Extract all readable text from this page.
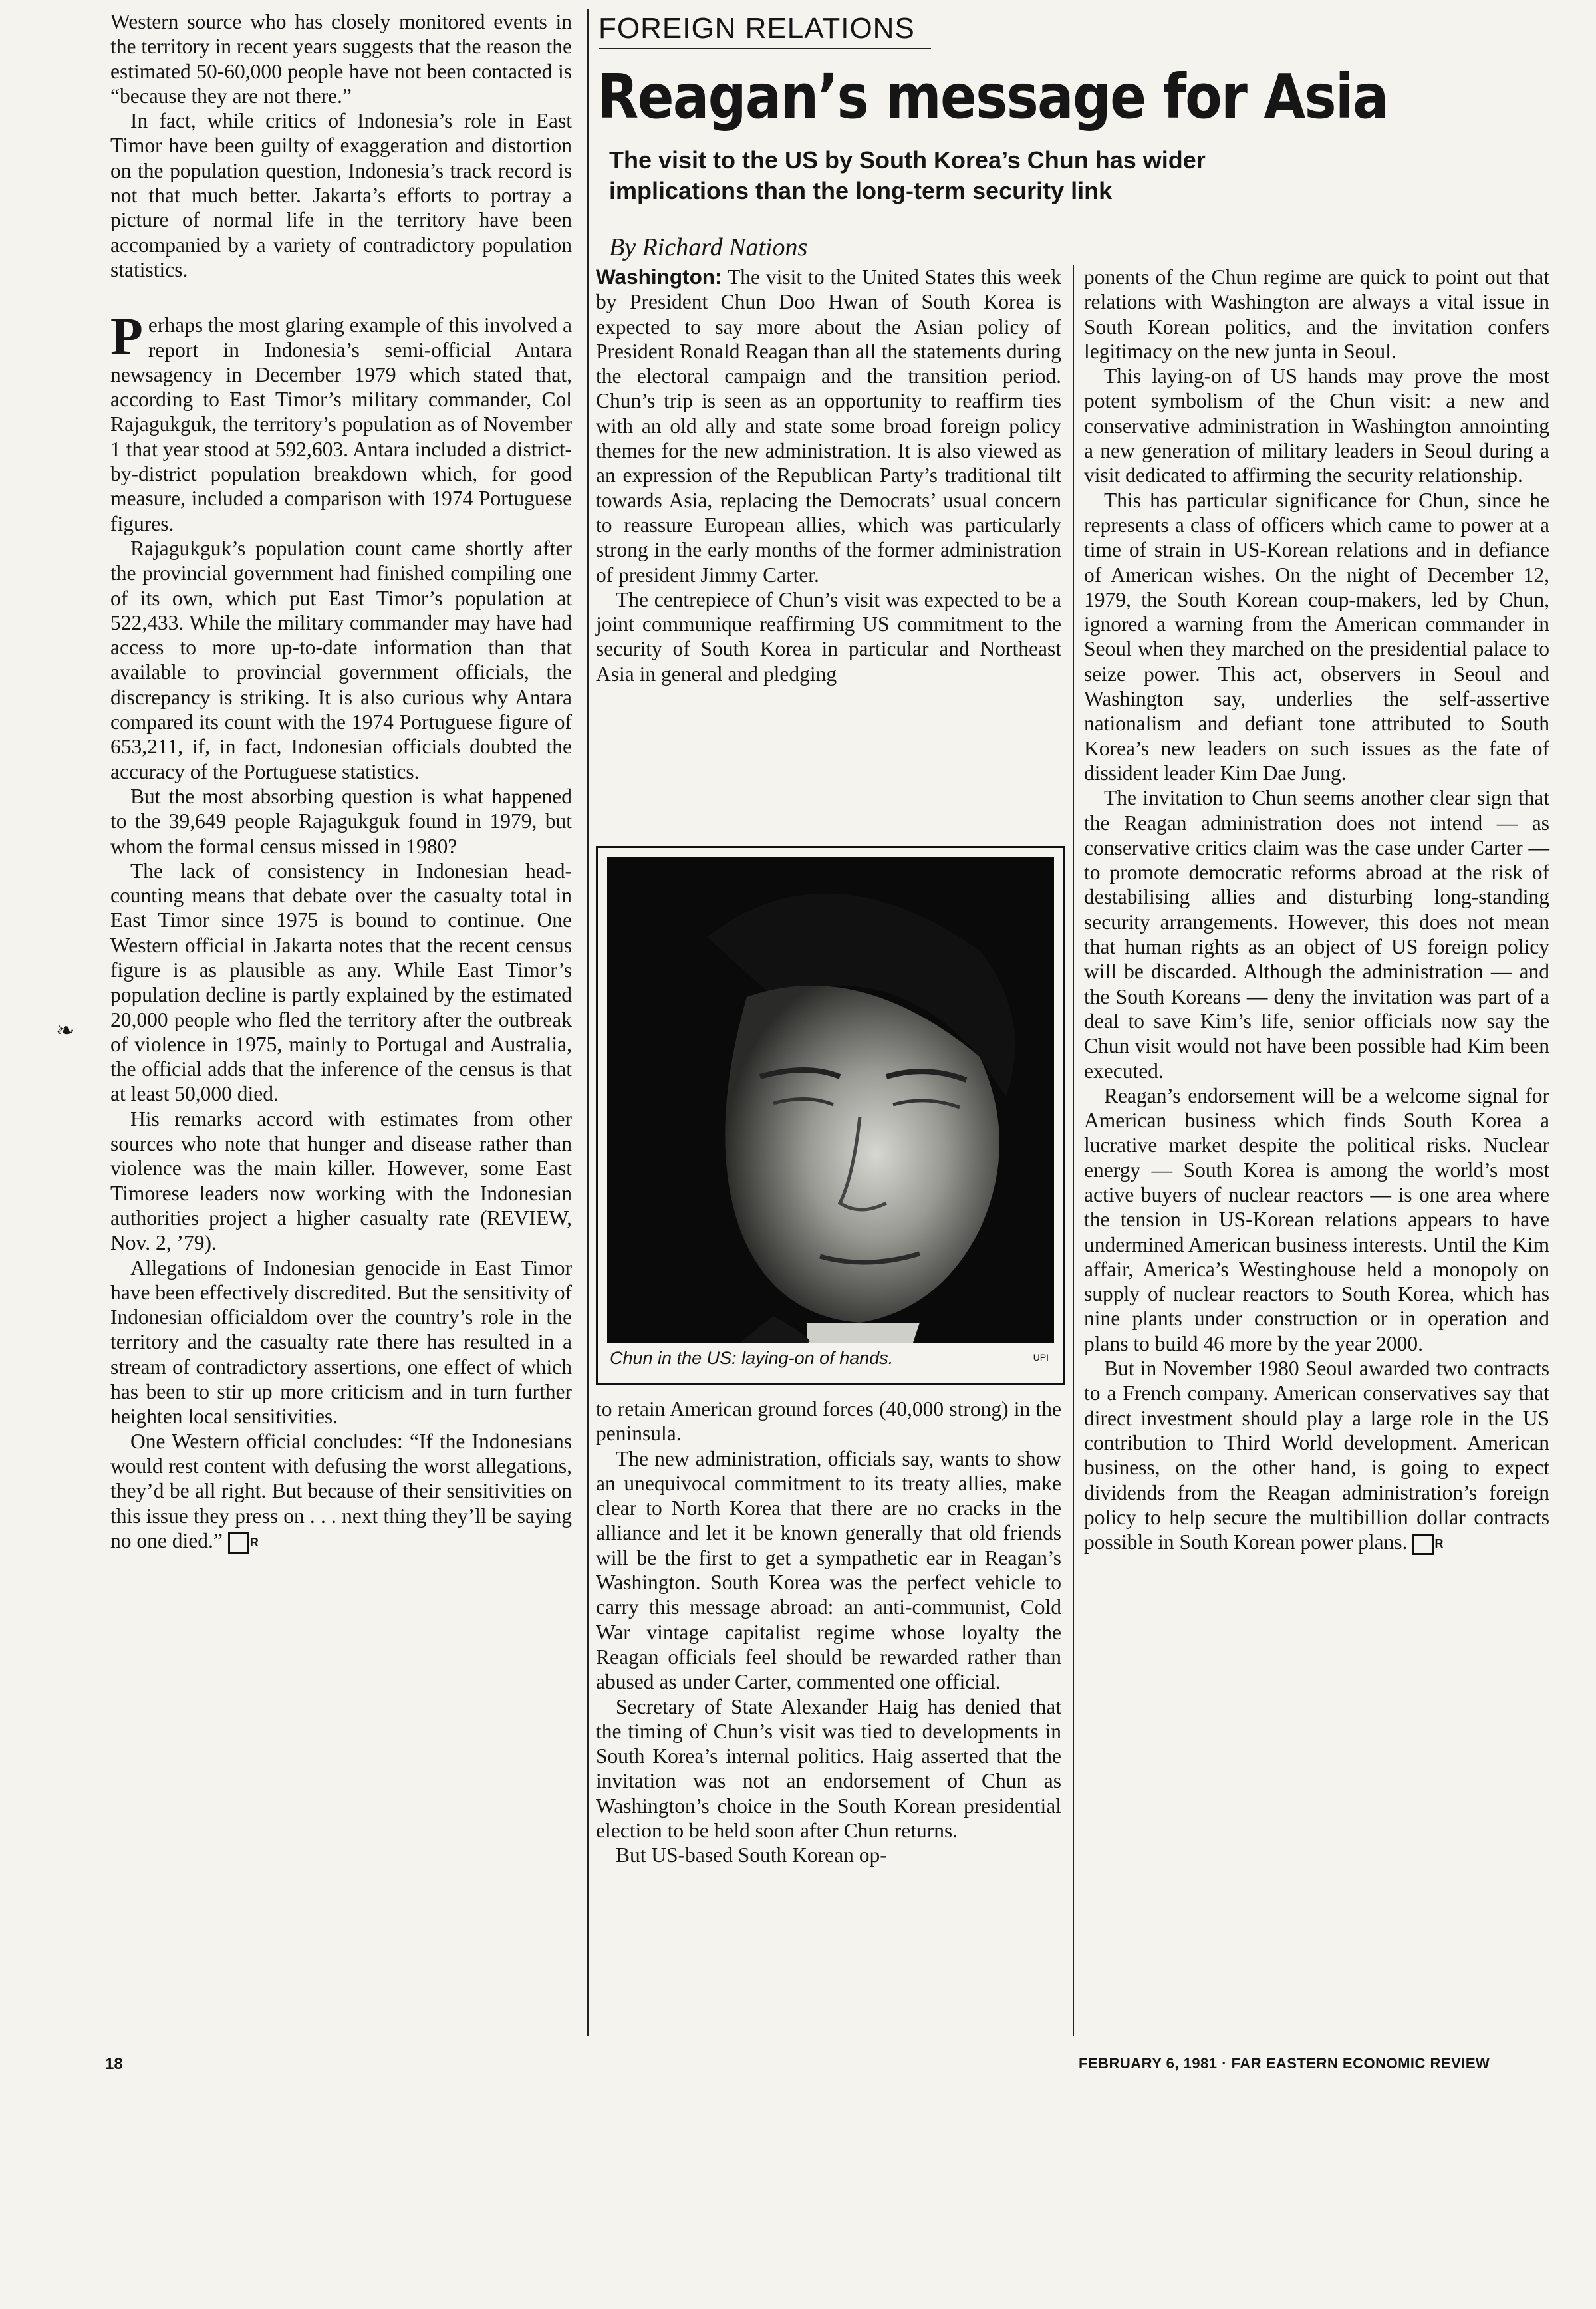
Western source who has closely monitored events in the territory in recent years suggests that the reason the estimated 50-60,000 people have not been contacted is “because they are not there.”

In fact, while critics of Indonesia’s role in East Timor have been guilty of exaggeration and distortion on the population question, Indonesia’s track record is not that much better. Jakarta’s efforts to portray a picture of normal life in the territory have been accompanied by a variety of contradictory population statistics.

Perhaps the most glaring example of this involved a report in Indonesia’s semi-official Antara newsagency in December 1979 which stated that, according to East Timor’s military commander, Col Rajagukguk, the territory’s population as of November 1 that year stood at 592,603. Antara included a district-by-district population breakdown which, for good measure, included a comparison with 1974 Portuguese figures.

Rajagukguk’s population count came shortly after the provincial government had finished compiling one of its own, which put East Timor’s population at 522,433. While the military commander may have had access to more up-to-date information than that available to provincial government officials, the discrepancy is striking. It is also curious why Antara compared its count with the 1974 Portuguese figure of 653,211, if, in fact, Indonesian officials doubted the accuracy of the Portuguese statistics.

But the most absorbing question is what happened to the 39,649 people Rajagukguk found in 1979, but whom the formal census missed in 1980?

The lack of consistency in Indonesian head-counting means that debate over the casualty total in East Timor since 1975 is bound to continue. One Western official in Jakarta notes that the recent census figure is as plausible as any. While East Timor’s population decline is partly explained by the estimated 20,000 people who fled the territory after the outbreak of violence in 1975, mainly to Portugal and Australia, the official adds that the inference of the census is that at least 50,000 died.

His remarks accord with estimates from other sources who note that hunger and disease rather than violence was the main killer. However, some East Timorese leaders now working with the Indonesian authorities project a higher casualty rate (REVIEW, Nov. 2, ’79).

Allegations of Indonesian genocide in East Timor have been effectively discredited. But the sensitivity of Indonesian officialdom over the country’s role in the territory and the casualty rate there has resulted in a stream of contradictory assertions, one effect of which has been to stir up more criticism and in turn further heighten local sensitivities.

One Western official concludes: “If the Indonesians would rest content with defusing the worst allegations, they’d be all right. But because of their sensitivities on this issue they press on . . . next thing they’ll be saying no one died.” R

FOREIGN RELATIONS
Reagan’s message for Asia
The visit to the US by South Korea’s Chun has wider implications than the long-term security link
By Richard Nations

Washington: The visit to the United States this week by President Chun Doo Hwan of South Korea is expected to say more about the Asian policy of President Ronald Reagan than all the statements during the electoral campaign and the transition period. Chun’s trip is seen as an opportunity to reaffirm ties with an old ally and state some broad foreign policy themes for the new administration. It is also viewed as an expression of the Republican Party’s traditional tilt towards Asia, replacing the Democrats’ usual concern to reassure European allies, which was particularly strong in the early months of the former administration of president Jimmy Carter.

The centrepiece of Chun’s visit was expected to be a joint communique reaffirming US commitment to the security of South Korea in particular and Northeast Asia in general and pledging

Chun in the US: laying-on of hands.	UPI

to retain American ground forces (40,000 strong) in the peninsula.

The new administration, officials say, wants to show an unequivocal commitment to its treaty allies, make clear to North Korea that there are no cracks in the alliance and let it be known generally that old friends will be the first to get a sympathetic ear in Reagan’s Washington. South Korea was the perfect vehicle to carry this message abroad: an anti-communist, Cold War vintage capitalist regime whose loyalty the Reagan officials feel should be rewarded rather than abused as under Carter, commented one official.

Secretary of State Alexander Haig has denied that the timing of Chun’s visit was tied to developments in South Korea’s internal politics. Haig asserted that the invitation was not an endorsement of Chun as Washington’s choice in the South Korean presidential election to be held soon after Chun returns.

But US-based South Korean op-

ponents of the Chun regime are quick to point out that relations with Washington are always a vital issue in South Korean politics, and the invitation confers legitimacy on the new junta in Seoul.

This laying-on of US hands may prove the most potent symbolism of the Chun visit: a new and conservative administration in Washington annointing a new generation of military leaders in Seoul during a visit dedicated to affirming the security relationship.

This has particular significance for Chun, since he represents a class of officers which came to power at a time of strain in US-Korean relations and in defiance of American wishes. On the night of December 12, 1979, the South Korean coup-makers, led by Chun, ignored a warning from the American commander in Seoul when they marched on the presidential palace to seize power. This act, observers in Seoul and Washington say, underlies the self-assertive nationalism and defiant tone attributed to South Korea’s new leaders on such issues as the fate of dissident leader Kim Dae Jung.

The invitation to Chun seems another clear sign that the Reagan administration does not intend — as conservative critics claim was the case under Carter — to promote democratic reforms abroad at the risk of destabilising allies and disturbing long-standing security arrangements. However, this does not mean that human rights as an object of US foreign policy will be discarded. Although the administration — and the South Koreans — deny the invitation was part of a deal to save Kim’s life, senior officials now say the Chun visit would not have been possible had Kim been executed.

Reagan’s endorsement will be a welcome signal for American business which finds South Korea a lucrative market despite the political risks. Nuclear energy — South Korea is among the world’s most active buyers of nuclear reactors — is one area where the tension in US-Korean relations appears to have undermined American business interests. Until the Kim affair, America’s Westinghouse held a monopoly on supply of nuclear reactors to South Korea, which has nine plants under construction or in operation and plans to build 46 more by the year 2000.

But in November 1980 Seoul awarded two contracts to a French company. American conservatives say that direct investment should play a large role in the US contribution to Third World development. American business, on the other hand, is going to expect dividends from the Reagan administration’s foreign policy to help secure the multibillion dollar contracts possible in South Korean power plans. R

❧
18	FEBRUARY 6, 1981 · FAR EASTERN ECONOMIC REVIEW
